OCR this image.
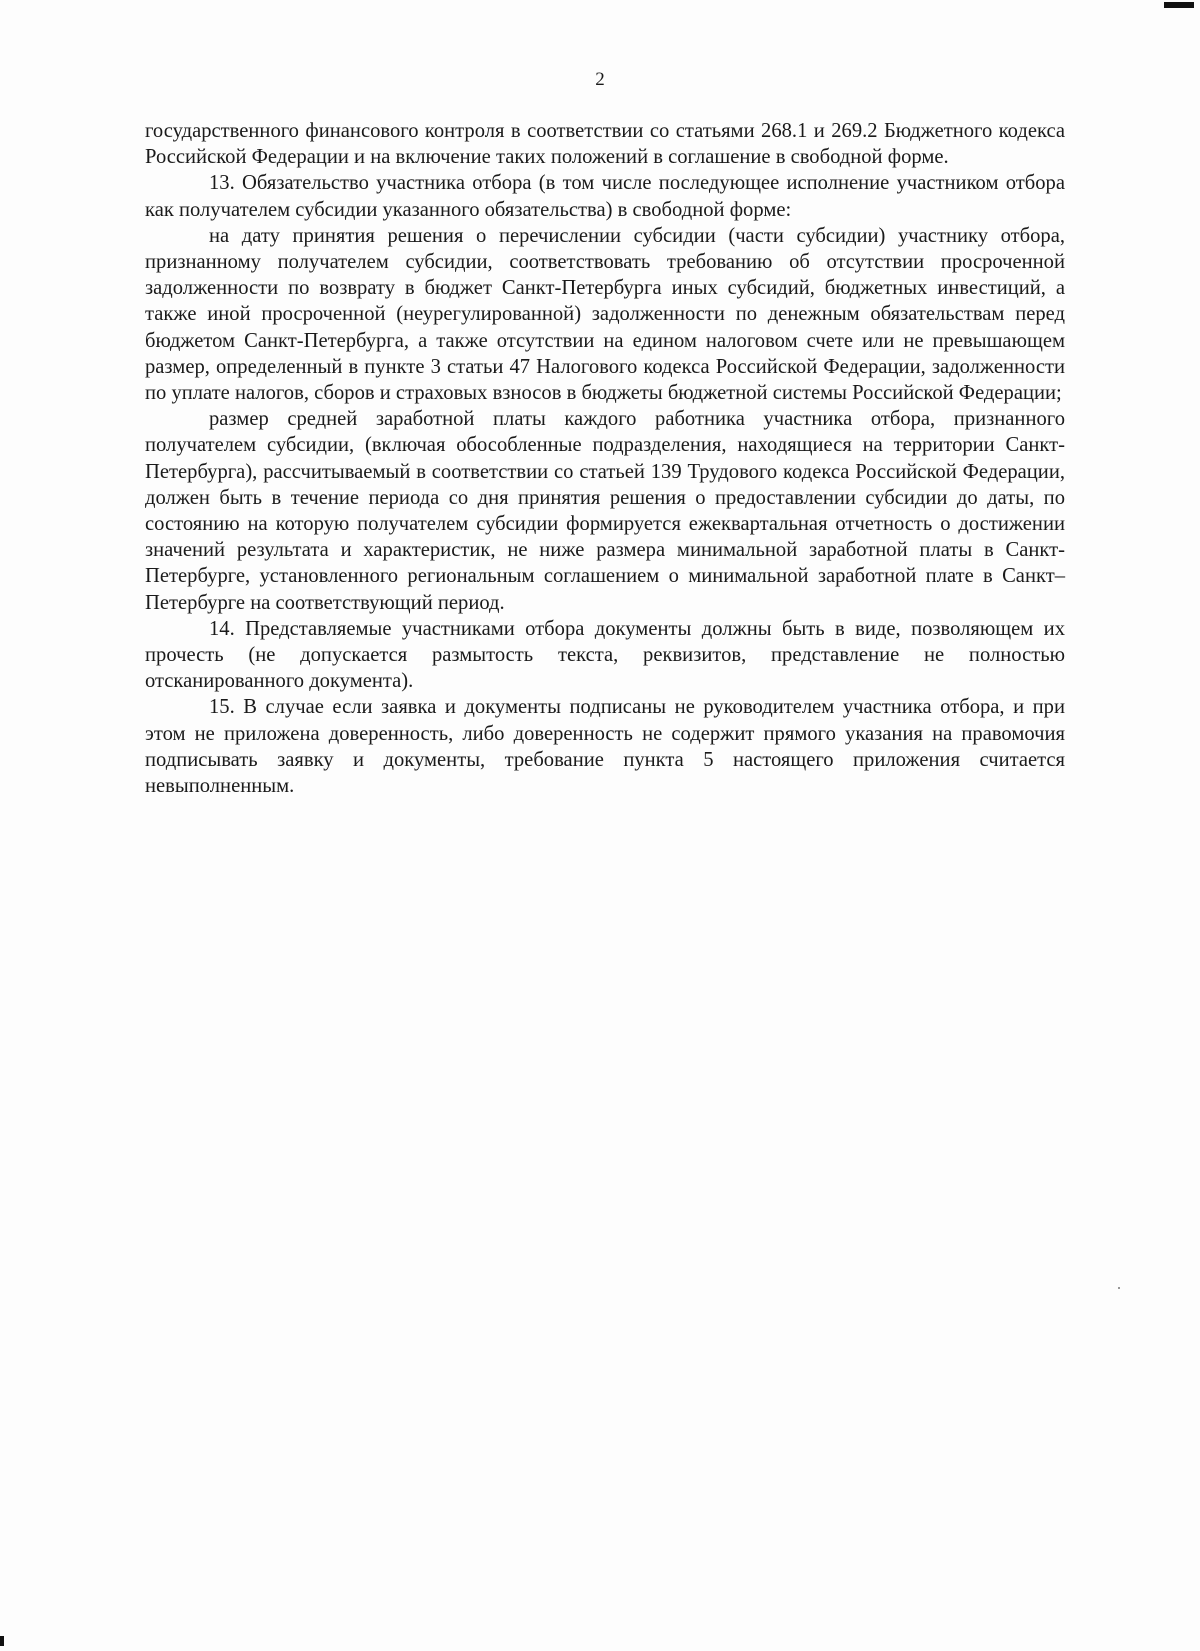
2

государственного финансового контроля в соответствии со статьями 268.1 и 269.2 Бюджетного кодекса Российской Федерации и на включение таких положений в соглашение в свободной форме.

13. Обязательство участника отбора (в том числе последующее исполнение участником отбора как получателем субсидии указанного обязательства) в свободной форме:

на дату принятия решения о перечислении субсидии (части субсидии) участнику отбора, признанному получателем субсидии, соответствовать требованию об отсутствии просроченной задолженности по возврату в бюджет Санкт-Петербурга иных субсидий, бюджетных инвестиций, а также иной просроченной (неурегулированной) задолженности по денежным обязательствам перед бюджетом Санкт-Петербурга, а также отсутствии на едином налоговом счете или не превышающем размер, определенный в пункте 3 статьи 47 Налогового кодекса Российской Федерации, задолженности по уплате налогов, сборов и страховых взносов в бюджеты бюджетной системы Российской Федерации;

размер средней заработной платы каждого работника участника отбора, признанного получателем субсидии, (включая обособленные подразделения, находящиеся на территории Санкт-Петербурга), рассчитываемый в соответствии со статьей 139 Трудового кодекса Российской Федерации, должен быть в течение периода со дня принятия решения о предоставлении субсидии до даты, по состоянию на которую получателем субсидии формируется ежеквартальная отчетность о достижении значений результата и характеристик, не ниже размера минимальной заработной платы в Санкт-Петербурге, установленного региональным соглашением о минимальной заработной плате в Санкт–Петербурге на соответствующий период.

14. Представляемые участниками отбора документы должны быть в виде, позволяющем их прочесть (не допускается размытость текста, реквизитов, представление не полностью отсканированного документа).

15. В случае если заявка и документы подписаны не руководителем участника отбора, и при этом не приложена доверенность, либо доверенность не содержит прямого указания на правомочия подписывать заявку и документы, требование пункта 5 настоящего приложения считается невыполненным.
